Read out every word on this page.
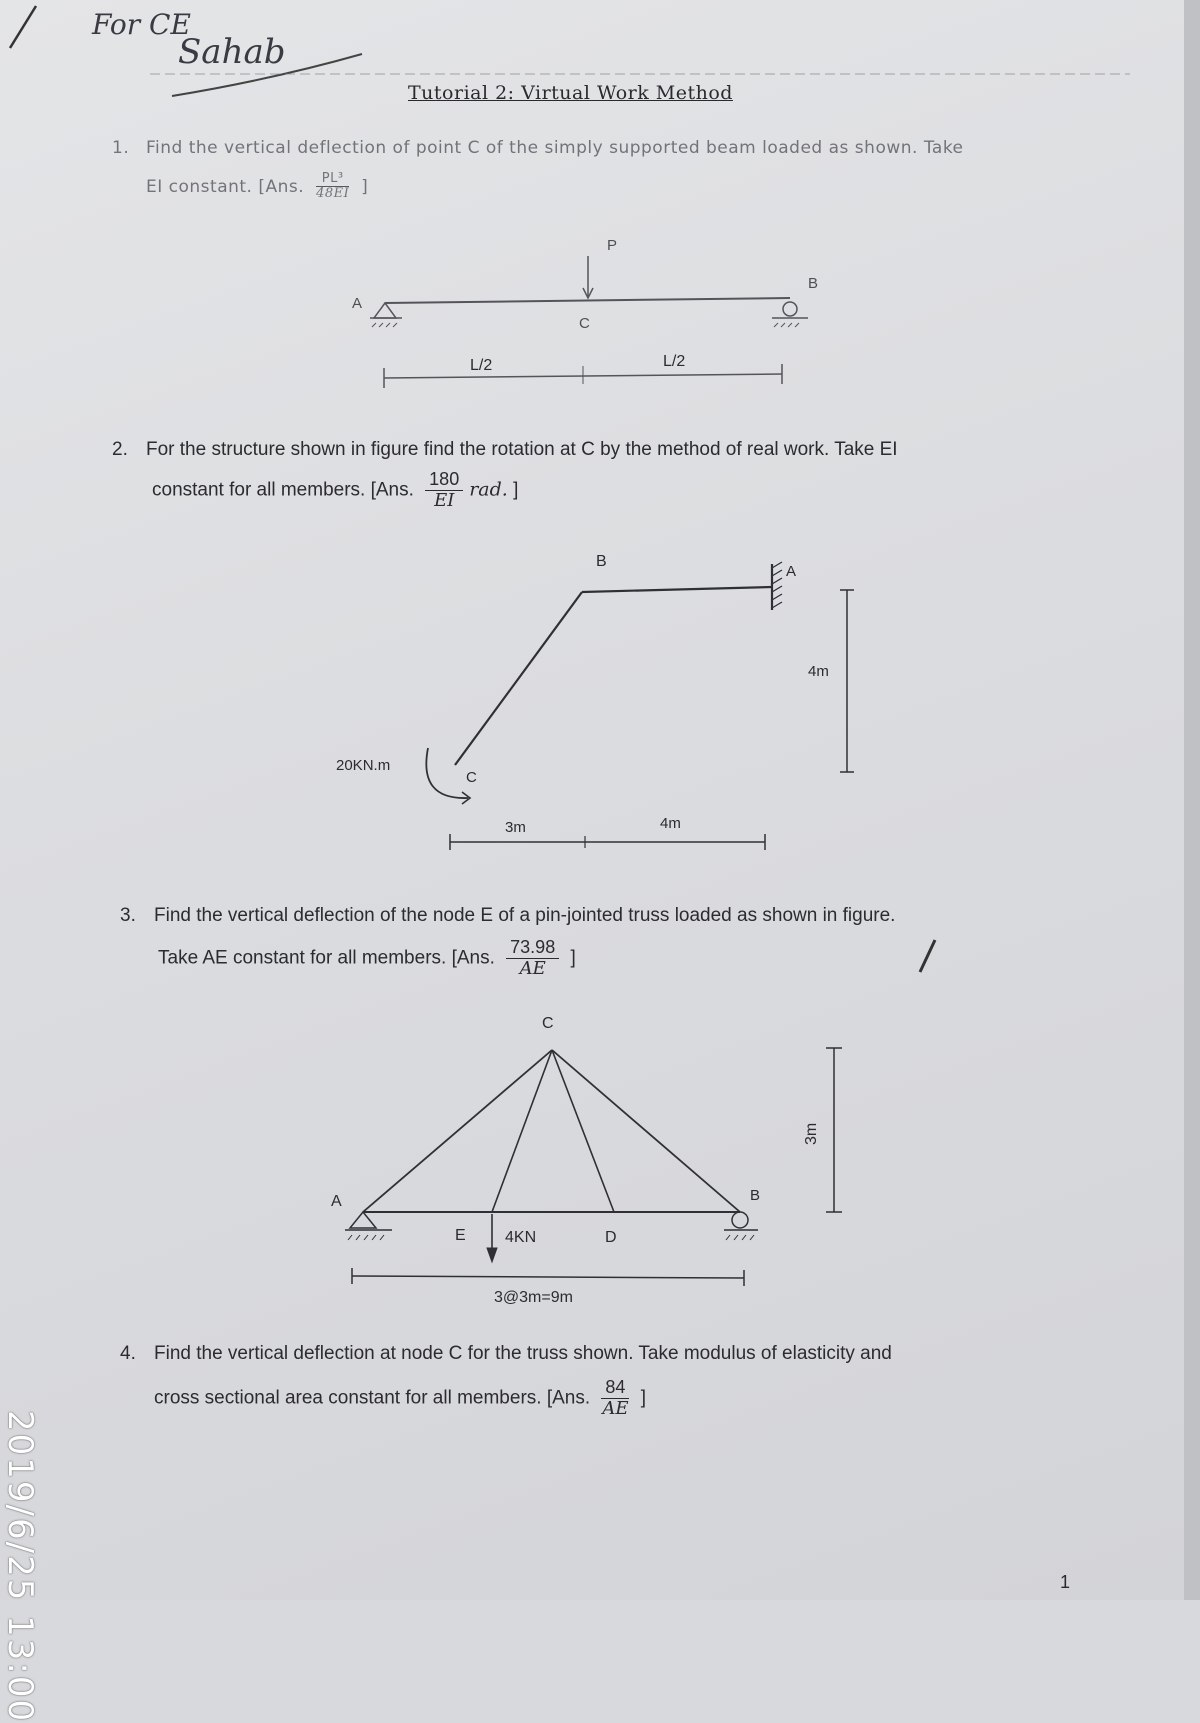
For CE
Sahab
Tutorial 2: Virtual Work Method
1. Find the vertical deflection of point C of the simply supported beam loaded as shown. Take
EI constant. [Ans. $\frac{\text{PL³}}{48EI}$ ]
2. For the structure shown in figure find the rotation at C by the method of real work. Take EI
constant for all members. [Ans. $\frac{180}{EI}$ rad. ]
3. Find the vertical deflection of the node E of a pin-jointed truss loaded as shown in figure.
Take AE constant for all members. [Ans. $\frac{73.98}{AE}$ ]
4. Find the vertical deflection at node C for the truss shown. Take modulus of elasticity and
cross sectional area constant for all members. [Ans. $\frac{84}{AE}$ ]
P
A
C
B
L/2	L/2
B
A
C
20KN.m
4m
3m	4m
C
A	B
E	D
4KN
3@3m=9m
3m
2019/6/25 13:00	1
